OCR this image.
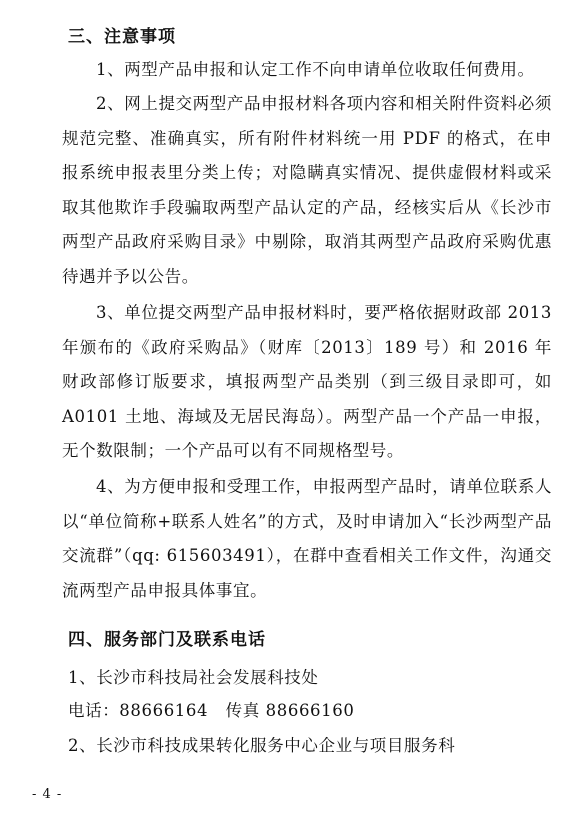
三、注意事项
1、两型产品申报和认定工作不向申请单位收取任何费用。
2、网上提交两型产品申报材料各项内容和相关附件资料必须规范完整、准确真实，所有附件材料统一用 PDF 的格式，在申报系统申报表里分类上传；对隐瞒真实情况、提供虚假材料或采取其他欺诈手段骗取两型产品认定的产品，经核实后从《长沙市两型产品政府采购目录》中剔除，取消其两型产品政府采购优惠待遇并予以公告。
3、单位提交两型产品申报材料时，要严格依据财政部 2013 年颁布的《政府采购品》（财库〔2013〕189 号）和 2016 年财政部修订版要求，填报两型产品类别（到三级目录即可，如 A0101 土地、海域及无居民海岛）。两型产品一个产品一申报，无个数限制；一个产品可以有不同规格型号。
4、为方便申报和受理工作，申报两型产品时，请单位联系人以“单位简称+联系人姓名”的方式，及时申请加入“长沙两型产品交流群”（qq: 615603491），在群中查看相关工作文件，沟通交流两型产品申报具体事宜。
四、服务部门及联系电话
1、长沙市科技局社会发展科技处
电话：88666164   传真 88666160
2、长沙市科技成果转化服务中心企业与项目服务科
- 4 -
